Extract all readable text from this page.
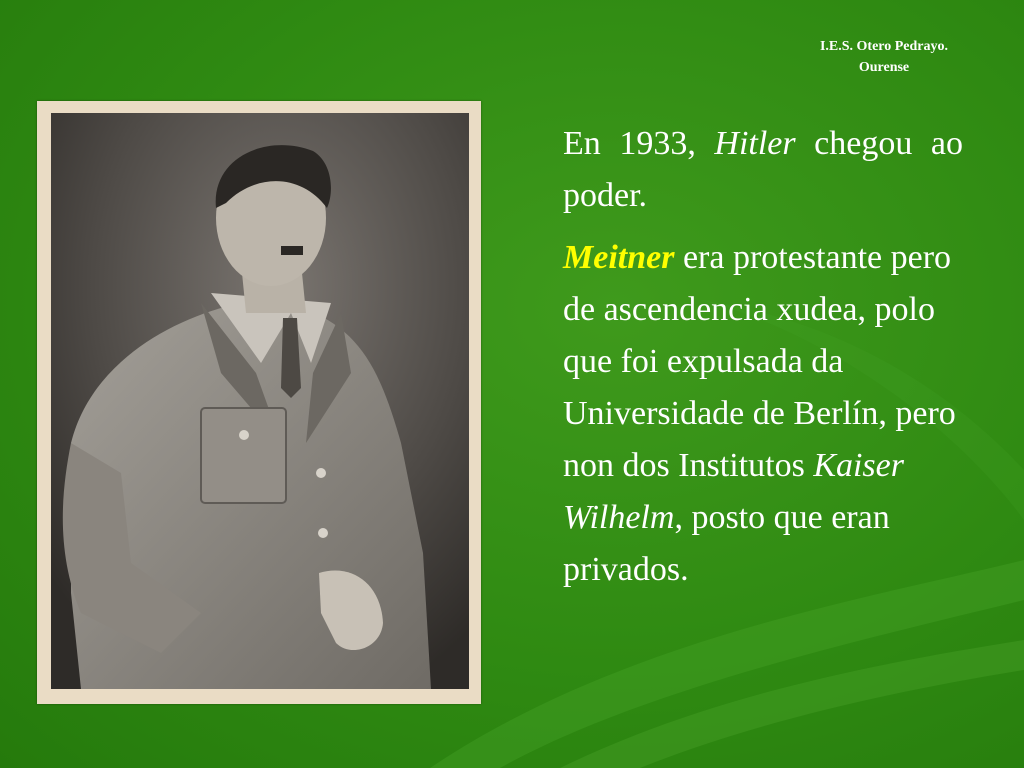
I.E.S. Otero Pedrayo.
Ourense

En 1933, Hitler chegou ao poder.

Meitner era protestante pero de ascendencia xudea, polo que foi expulsada da Universidade de Berlín, pero non dos Institutos Kaiser Wilhelm, posto que eran privados.
